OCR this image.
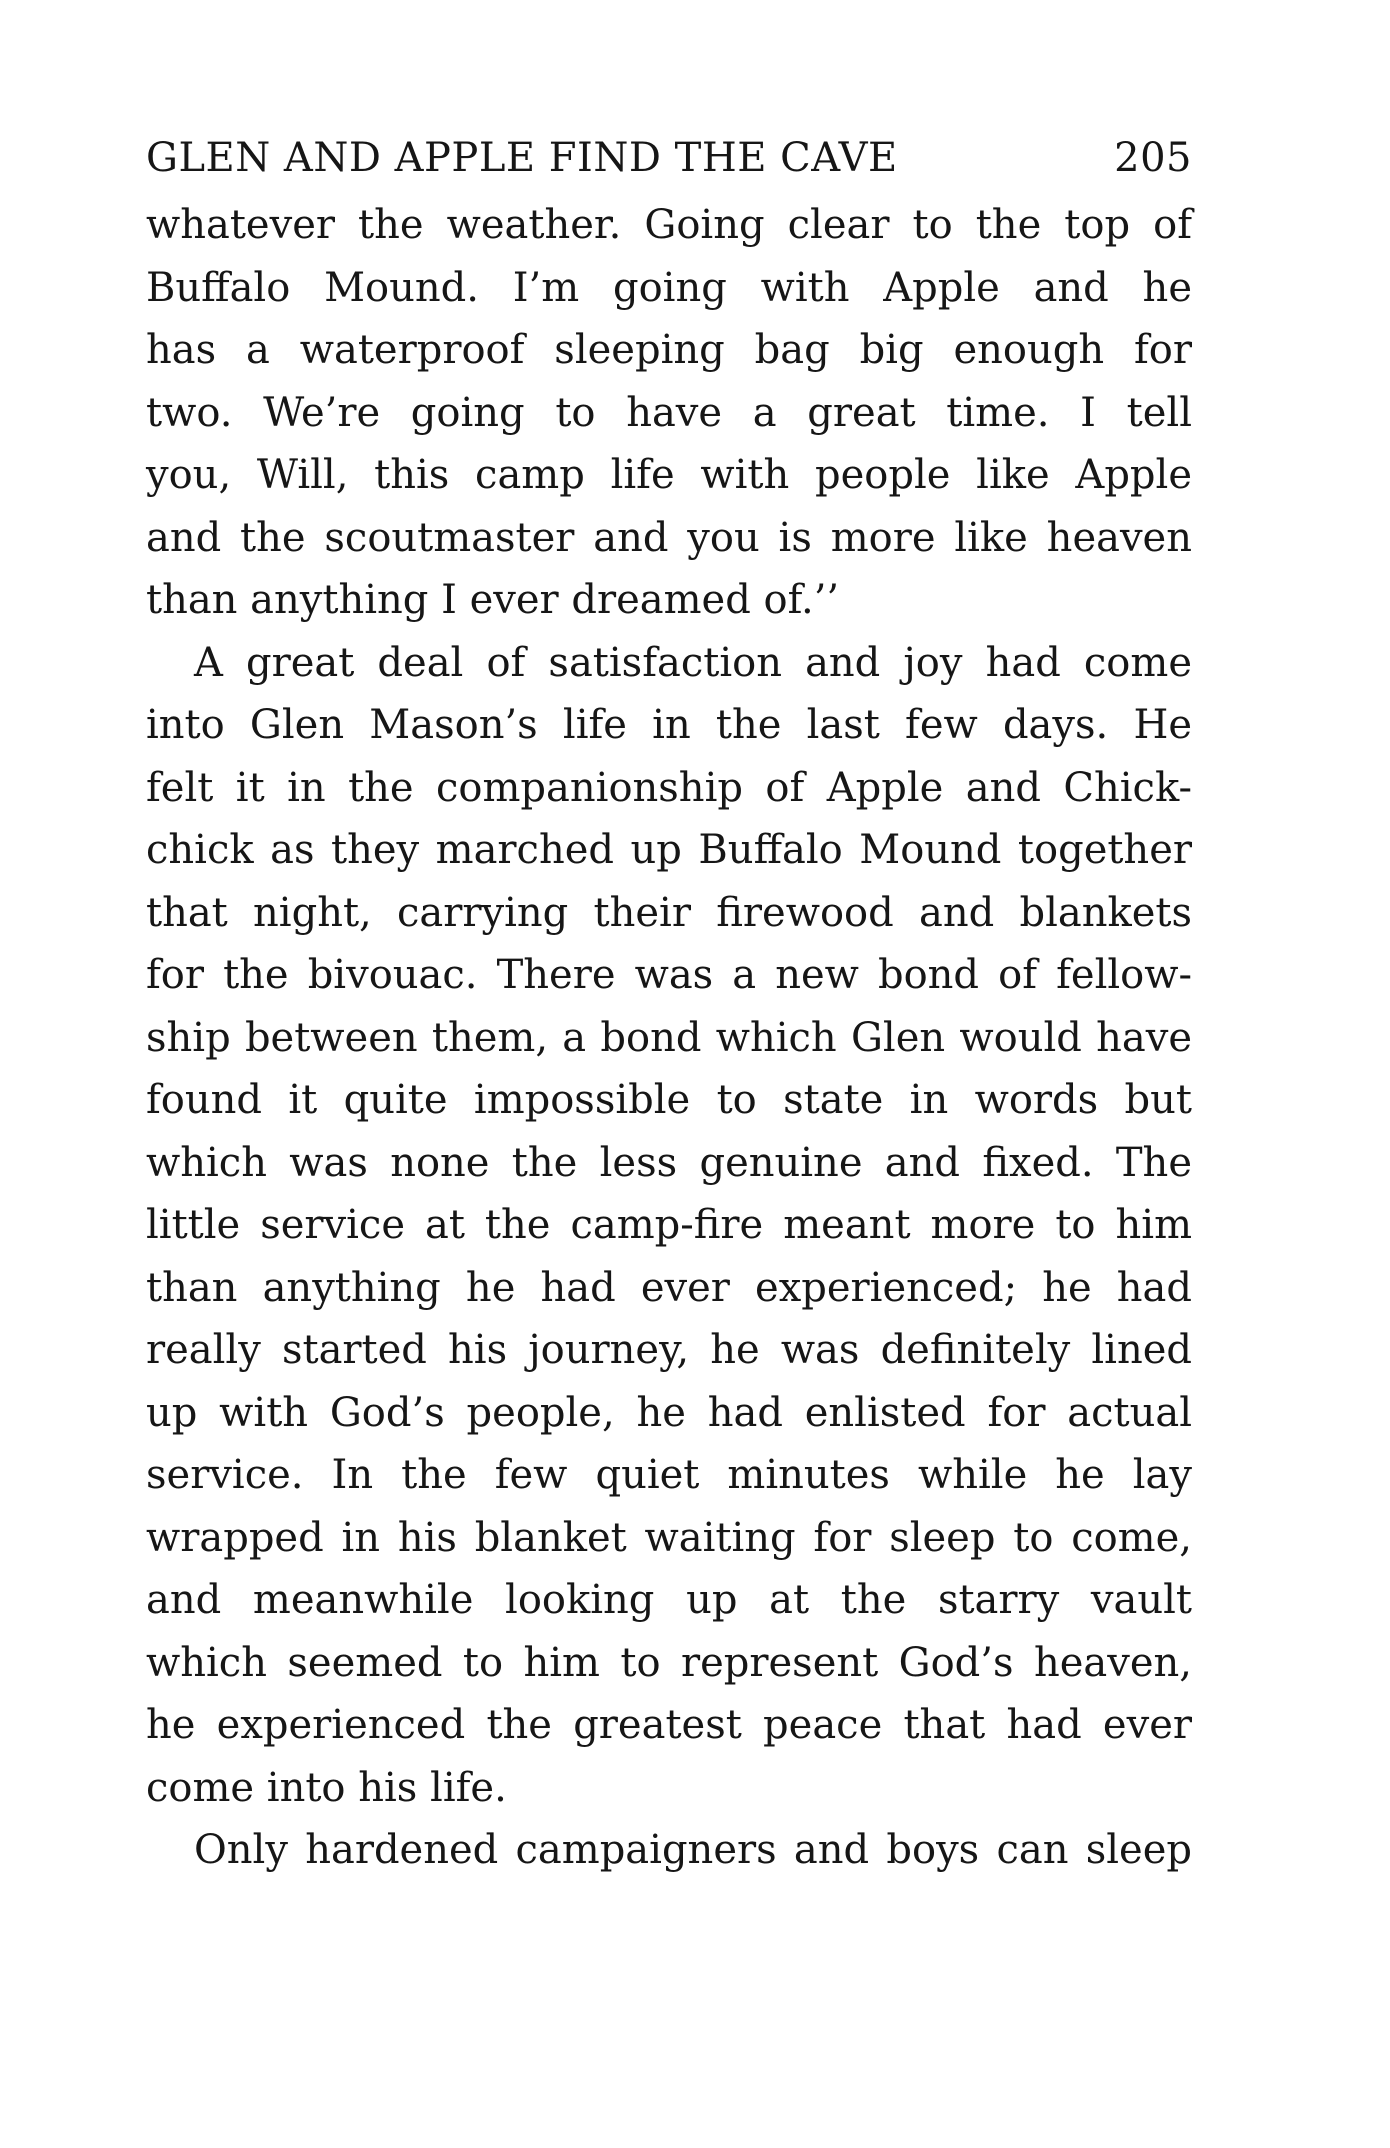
GLEN AND APPLE FIND THE CAVE	205
whatever the weather. Going clear to the top of
Buffalo Mound. I’m going with Apple and he
has a waterproof sleeping bag big enough for
two. We’re going to have a great time. I tell
you, Will, this camp life with people like Apple
and the scoutmaster and you is more like heaven
than anything I ever dreamed of.’’
A great deal of satisfaction and joy had come
into Glen Mason’s life in the last few days. He
felt it in the companionship of Apple and Chick-
chick as they marched up Buffalo Mound together
that night, carrying their firewood and blankets
for the bivouac. There was a new bond of fellow-
ship between them, a bond which Glen would have
found it quite impossible to state in words but
which was none the less genuine and fixed. The
little service at the camp-fire meant more to him
than anything he had ever experienced; he had
really started his journey, he was definitely lined
up with God’s people, he had enlisted for actual
service. In the few quiet minutes while he lay
wrapped in his blanket waiting for sleep to come,
and meanwhile looking up at the starry vault
which seemed to him to represent God’s heaven,
he experienced the greatest peace that had ever
come into his life.
Only hardened campaigners and boys can sleep
